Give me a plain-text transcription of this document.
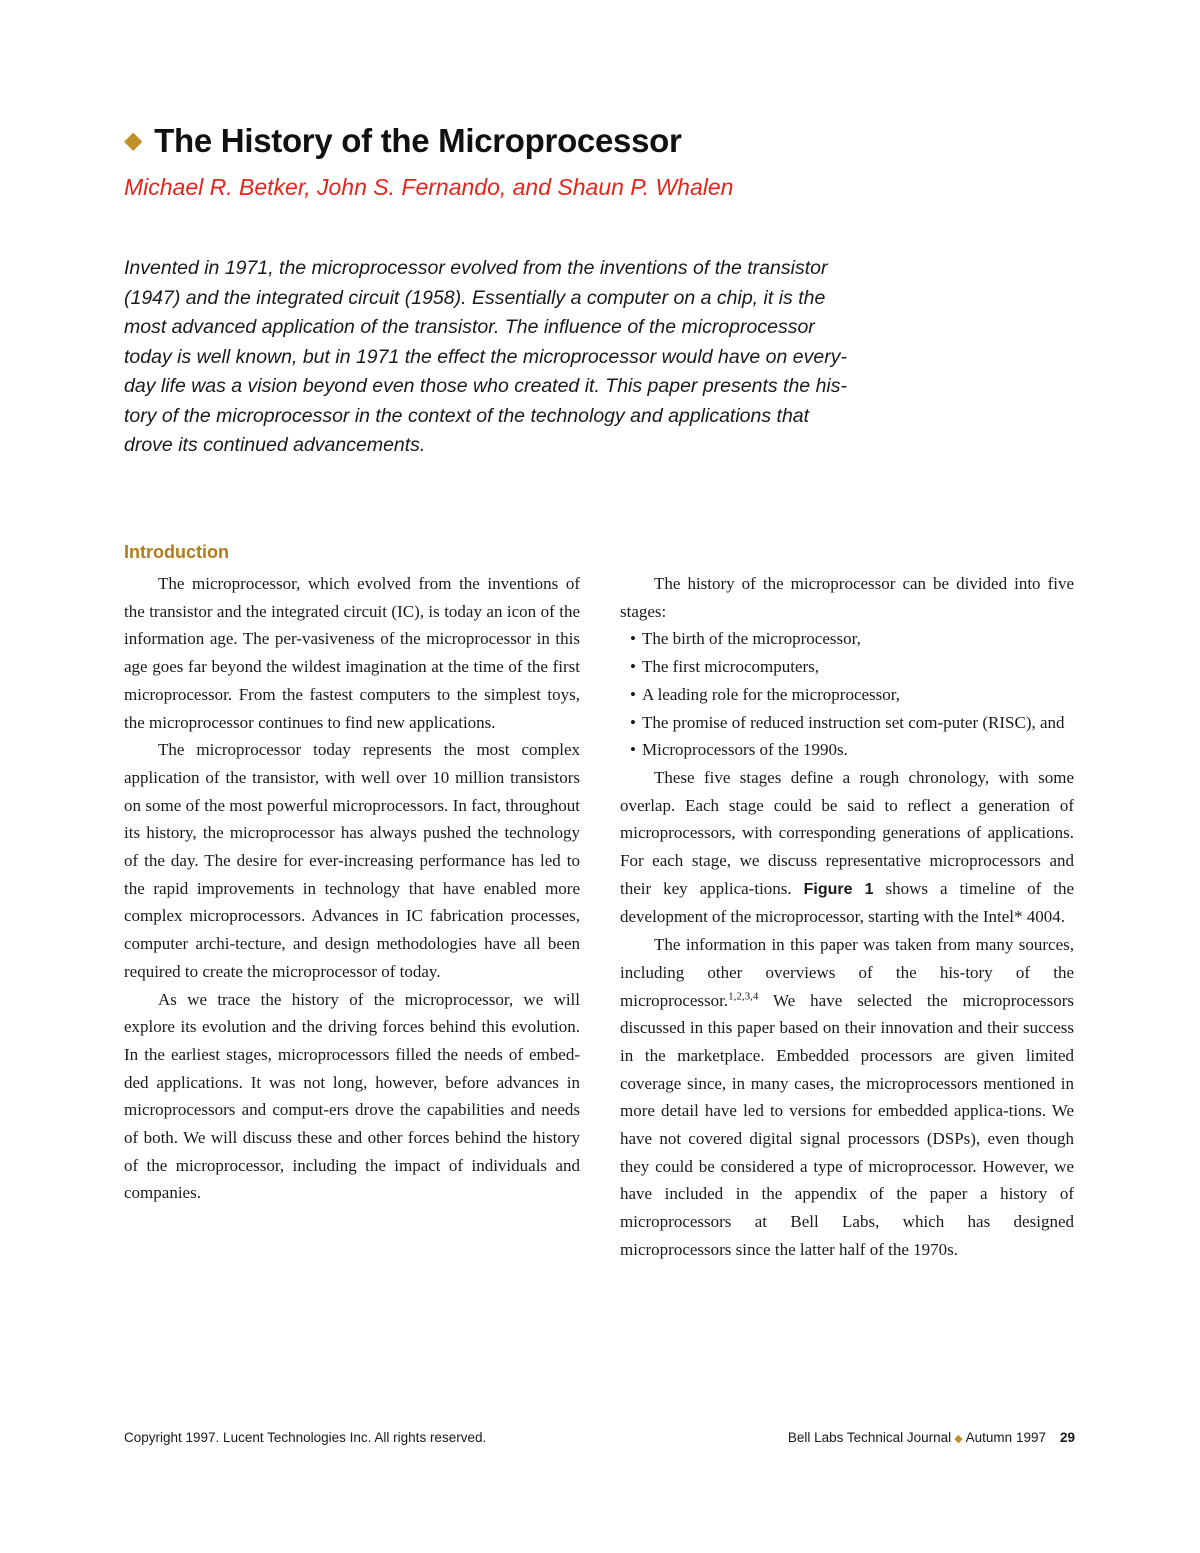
◆ The History of the Microprocessor
Michael R. Betker, John S. Fernando, and Shaun P. Whalen
Invented in 1971, the microprocessor evolved from the inventions of the transistor
(1947) and the integrated circuit (1958). Essentially a computer on a chip, it is the
most advanced application of the transistor. The influence of the microprocessor
today is well known, but in 1971 the effect the microprocessor would have on every-
day life was a vision beyond even those who created it. This paper presents the his-
tory of the microprocessor in the context of the technology and applications that
drove its continued advancements.
Introduction

The microprocessor, which evolved from the inventions of the transistor and the integrated circuit (IC), is today an icon of the information age. The per-vasiveness of the microprocessor in this age goes far beyond the wildest imagination at the time of the first microprocessor. From the fastest computers to the simplest toys, the microprocessor continues to find new applications.

The microprocessor today represents the most complex application of the transistor, with well over 10 million transistors on some of the most powerful microprocessors. In fact, throughout its history, the microprocessor has always pushed the technology of the day. The desire for ever-increasing performance has led to the rapid improvements in technology that have enabled more complex microprocessors. Advances in IC fabrication processes, computer archi-tecture, and design methodologies have all been required to create the microprocessor of today.

As we trace the history of the microprocessor, we will explore its evolution and the driving forces behind this evolution. In the earliest stages, microprocessors filled the needs of embed-ded applications. It was not long, however, before advances in microprocessors and comput-ers drove the capabilities and needs of both. We will discuss these and other forces behind the history of the microprocessor, including the impact of individuals and companies.

The history of the microprocessor can be divided into five stages:

• The birth of the microprocessor,
• The first microcomputers,
• A leading role for the microprocessor,
• The promise of reduced instruction set com-puter (RISC), and
• Microprocessors of the 1990s.

These five stages define a rough chronology, with some overlap. Each stage could be said to reflect a generation of microprocessors, with corresponding generations of applications. For each stage, we discuss representative microprocessors and their key applica-tions. Figure 1 shows a timeline of the development of the microprocessor, starting with the Intel* 4004.

The information in this paper was taken from many sources, including other overviews of the his-tory of the microprocessor.$^{1,2,3,4}$ We have selected the microprocessors discussed in this paper based on their innovation and their success in the marketplace. Embedded processors are given limited coverage since, in many cases, the microprocessors mentioned in more detail have led to versions for embedded applica-tions. We have not covered digital signal processors (DSPs), even though they could be considered a type of microprocessor. However, we have included in the appendix of the paper a history of microprocessors at Bell Labs, which has designed microprocessors since the latter half of the 1970s.

Copyright 1997. Lucent Technologies Inc. All rights reserved.	Bell Labs Technical Journal ◆ Autumn 1997 29
